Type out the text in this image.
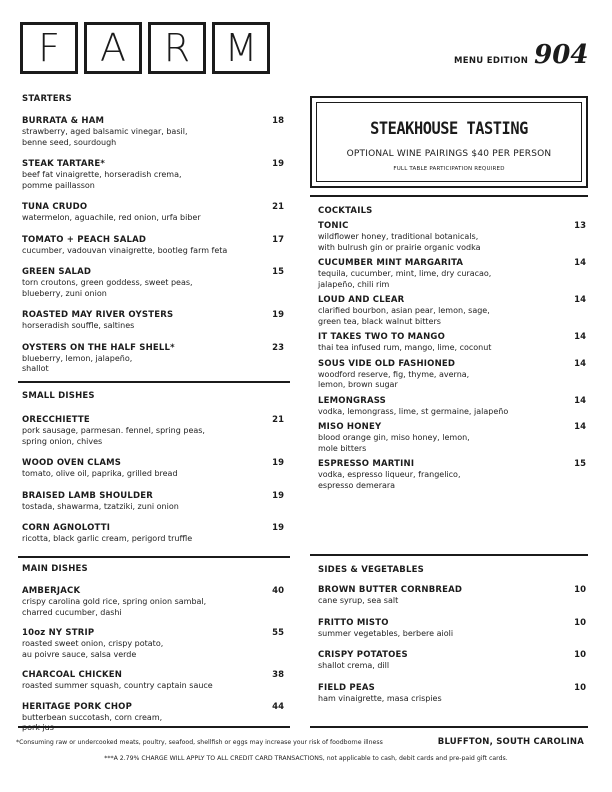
F A R M	MENU EDITION 904
STARTERS
BURRATA & HAM	18
strawberry, aged balsamic vinegar, basil,
benne seed, sourdough
STEAK TARTARE*	19
beef fat vinaigrette, horseradish crema,
pomme paillasson
TUNA CRUDO	21
watermelon, aguachile, red onion, urfa biber
TOMATO + PEACH SALAD	17
cucumber, vadouvan vinaigrette, bootleg farm feta
GREEN SALAD	15
torn croutons, green goddess, sweet peas,
blueberry, zuni onion
ROASTED MAY RIVER OYSTERS	19
horseradish souffle, saltines
OYSTERS ON THE HALF SHELL*	23
blueberry, lemon, jalapeño,
shallot
SMALL DISHES
ORECCHIETTE	21
pork sausage, parmesan. fennel, spring peas,
spring onion, chives
WOOD OVEN CLAMS	19
tomato, olive oil, paprika, grilled bread
BRAISED LAMB SHOULDER	19
tostada, shawarma, tzatziki, zuni onion
CORN AGNOLOTTI	19
ricotta, black garlic cream, perigord truffle
MAIN DISHES
AMBERJACK	40
crispy carolina gold rice, spring onion sambal,
charred cucumber, dashi
10oz NY STRIP	55
roasted sweet onion, crispy potato,
au poivre sauce, salsa verde
CHARCOAL CHICKEN	38
roasted summer squash, country captain sauce
HERITAGE PORK CHOP	44
butterbean succotash, corn cream,

STEAKHOUSE TASTING
OPTIONAL WINE PAIRINGS $40 PER PERSON
FULL TABLE PARTICIPATION REQUIRED
COCKTAILS
TONIC	13
wildflower honey, traditional botanicals,
with bulrush gin or prairie organic vodka
CUCUMBER MINT MARGARITA	14
tequila, cucumber, mint, lime, dry curacao,
jalapeño, chili rim
LOUD AND CLEAR	14
clarified bourbon, asian pear, lemon, sage,
green tea, black walnut bitters
IT TAKES TWO TO MANGO	14
thai tea infused rum, mango, lime, coconut
SOUS VIDE OLD FASHIONED	14
woodford reserve, fig, thyme, averna,
lemon, brown sugar
LEMONGRASS	14
vodka, lemongrass, lime, st germaine, jalapeño
MISO HONEY	14
blood orange gin, miso honey, lemon,
mole bitters
ESPRESSO MARTINI	15
vodka, espresso liqueur, frangelico,
espresso demerara
SIDES & VEGETABLES
BROWN BUTTER CORNBREAD	10
cane syrup, sea salt
FRITTO MISTO	10
summer vegetables, berbere aioli
CRISPY POTATOES	10
shallot crema, dill
FIELD PEAS	10
ham vinaigrette, masa crispies
*Consuming raw or undercooked meats, poultry, seafood, shellfish or eggs may increase your risk of foodborne illness	BLUFFTON, SOUTH CAROLINA
***A 2.79% CHARGE WILL APPLY TO ALL CREDIT CARD TRANSACTIONS, not applicable to cash, debit cards and pre-paid gift cards.
